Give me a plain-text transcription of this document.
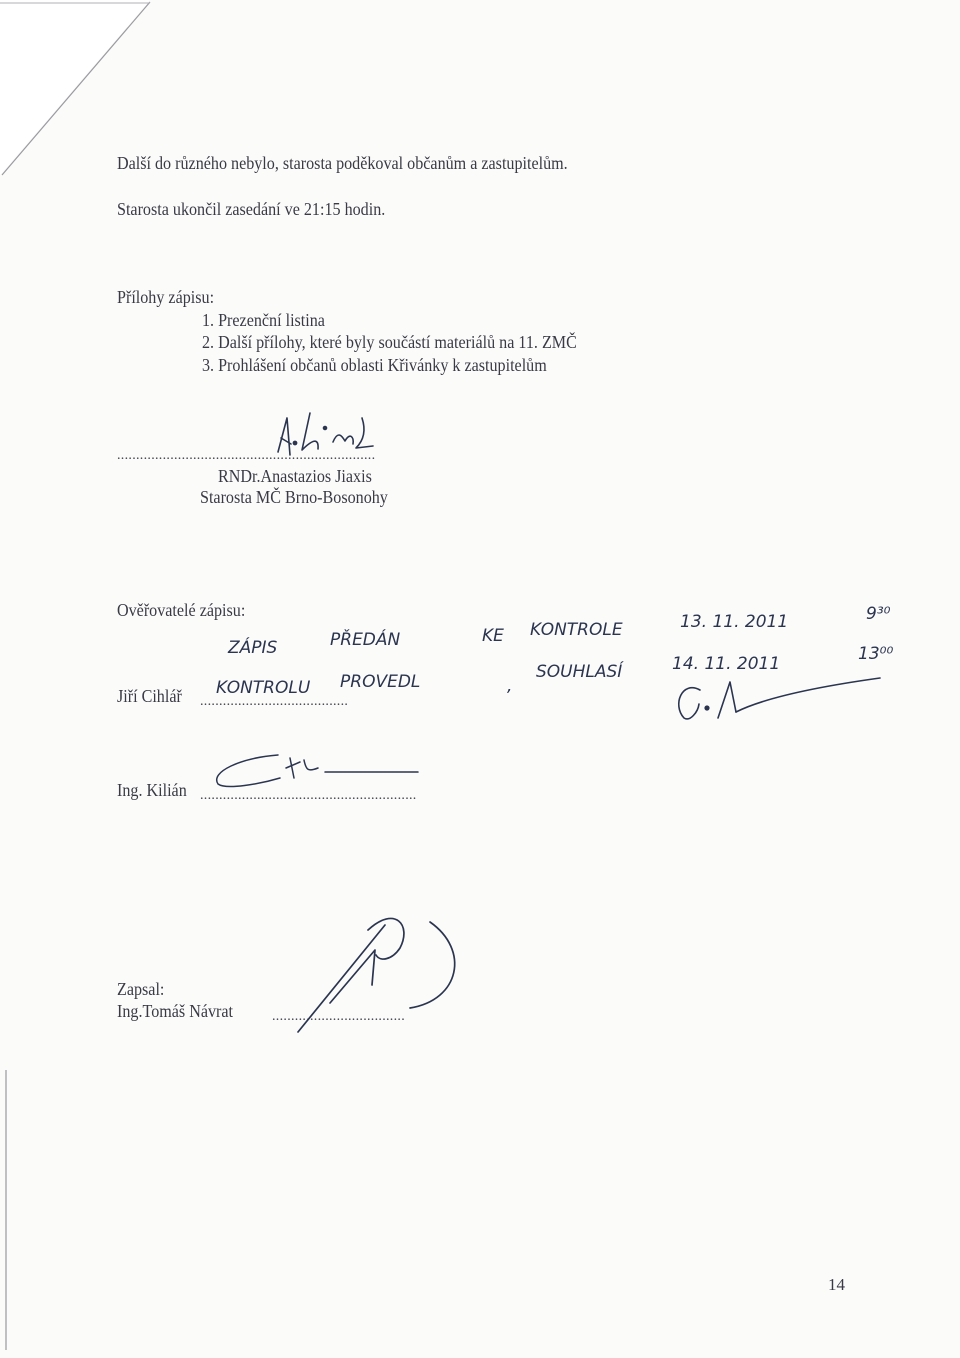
Další do různého nebylo, starosta poděkoval občanům a zastupitelům.
Starosta ukončil zasedání ve 21:15 hodin.
Přílohy zápisu:
1. Prezenční listina
2. Další přílohy, které byly součástí materiálů na 11. ZMČ
3. Prohlášení občanů oblasti Křivánky k zastupitelům
....................................................................
RNDr.Anastazios Jiaxis
Starosta MČ Brno-Bosonohy
Ověřovatelé zápisu:
ZÁPIS	PŘEDÁN	KE KONTROLE	13. 11. 2011	9³⁰
KONTROLU PROVEDL	,
SOUHLASÍ	14. 11. 2011	13⁰⁰
Jiří Cihlář .......................................
Ing. Kilián .........................................................
Zapsal:
Ing.Tomáš Návrat	...................................
14
